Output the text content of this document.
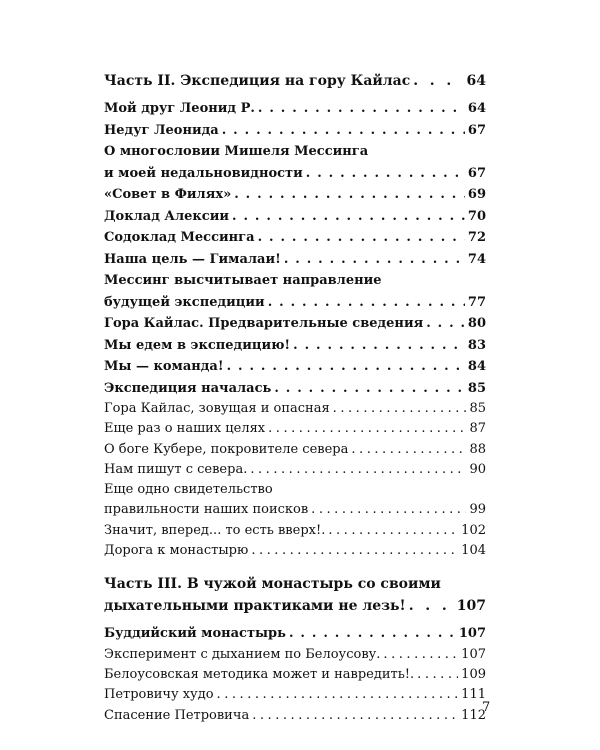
Часть II. Экспедиция на гору Кайлас . . .	64
Мой друг Леонид Р. . . .	64
Недуг Леонида . . .	67
О многословии Мишеля Мессинга
и моей недальновидности . . .	67
«Совет в Филях» . . .	69
Доклад Алексии . . .	70
Содоклад Мессинга . . .	72
Наша цель — Гималаи! . . .	74
Мессинг высчитывает направление
будущей экспедиции . . .	77
Гора Кайлас. Предварительные сведения . . .	80
Мы едем в экспедицию! . . .	83
Мы — команда! . . .	84
Экспедиция началась . . .	85
Гора Кайлас, зовущая и опасная . . .	85
Еще раз о наших целях . . .	87
О боге Кубере, покровителе севера . . .	88
Нам пишут с севера. . . .	90
Еще одно свидетельство
правильности наших поисков . . .	99
Значит, вперед... то есть вверх!. . . .	102
Дорога к монастырю . . .	104
Часть III. В чужой монастырь со своими
дыхательными практиками не лезь! . . .	107
Буддийский монастырь . . .	107
Эксперимент с дыханием по Белоусову. . . .	107
Белоусовская методика может и навредить!. . . .	109
Петровичу худо . . .	111
Спасение Петровича . . .	112
7
